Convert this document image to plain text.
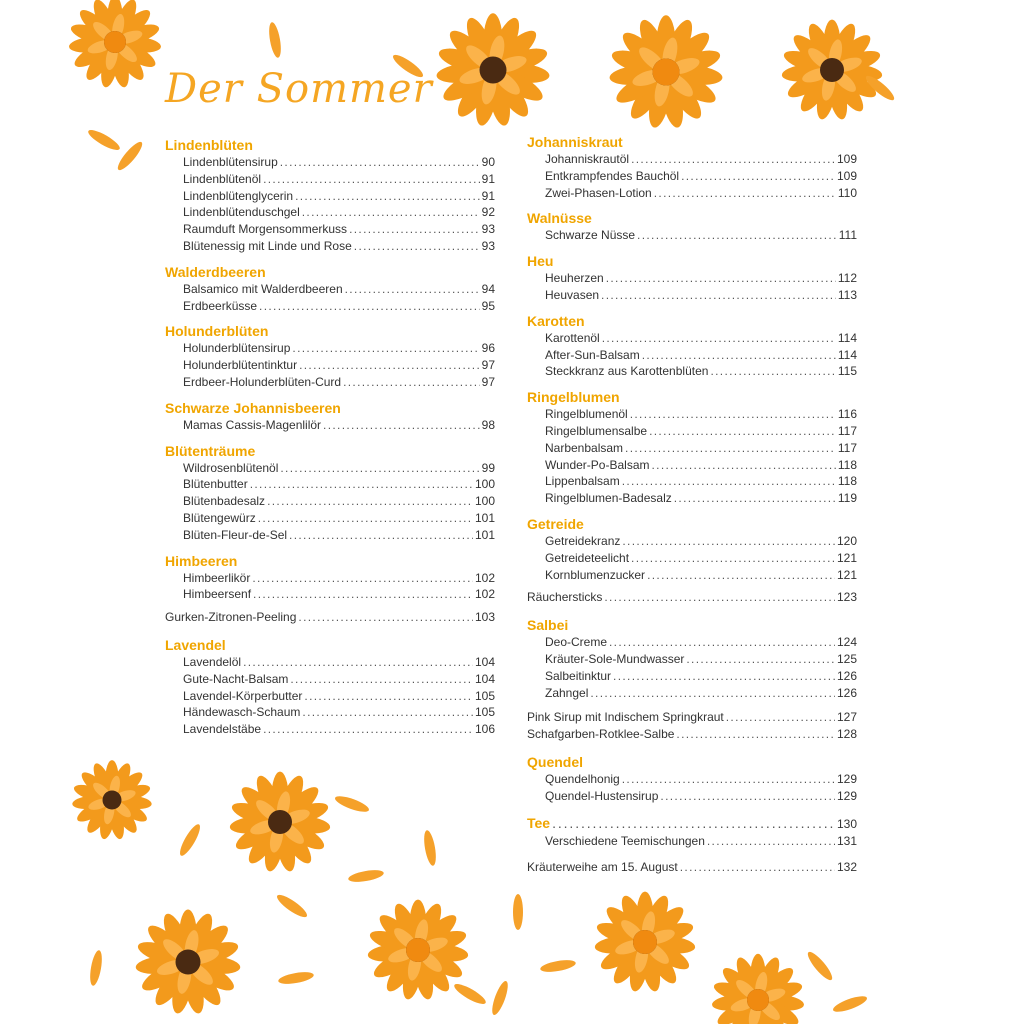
Der Sommer
Lindenblüten
Lindenblütensirup . . .	90
Lindenblütenöl . . .	91
Lindenblütenglycerin . . .	91
Lindenblütenduschgel . . .	92
Raumduft Morgensommerkuss . . .	93
Blütenessig mit Linde und Rose . . .	93
Walderdbeeren
Balsamico mit Walderdbeeren . . .	94
Erdbeerküsse . . .	95
Holunderblüten
Holunderblütensirup . . .	96
Holunderblütentinktur . . .	97
Erdbeer-Holunderblüten-Curd . . .	97
Schwarze Johannisbeeren
Mamas Cassis-Magenlilör . . .	98
Blütenträume
Wildrosenblütenöl . . .	99
Blütenbutter . . .	100
Blütenbadesalz . . .	100
Blütengewürz . . .	101
Blüten-Fleur-de-Sel . . .	101
Himbeeren
Himbeerlikör . . .	102
Himbeersenf . . .	102
Gurken-Zitronen-Peeling . . .	103
Lavendel
Lavendelöl . . .	104
Gute-Nacht-Balsam . . .	104
Lavendel-Körperbutter . . .	105
Händewasch-Schaum . . .	105
Lavendelstäbe . . .	106
Johanniskraut
Johanniskrautöl . . .	109
Entkrampfendes Bauchöl . . .	109
Zwei-Phasen-Lotion . . .	110
Walnüsse
Schwarze Nüsse . . .	111
Heu
Heuherzen . . .	112
Heuvasen . . .	113
Karotten
Karottenöl . . .	114
After-Sun-Balsam . . .	114
Steckkranz aus Karottenblüten . . .	115
Ringelblumen
Ringelblumenöl . . .	116
Ringelblumensalbe . . .	117
Narbenbalsam . . .	117
Wunder-Po-Balsam . . .	118
Lippenbalsam . . .	118
Ringelblumen-Badesalz . . .	119
Getreide
Getreidekranz . . .	120
Getreideteelicht . . .	121
Kornblumenzucker . . .	121
Räuchersticks . . .	123
Salbei
Deo-Creme . . .	124
Kräuter-Sole-Mundwasser . . .	125
Salbeitinktur . . .	126
Zahngel . . .	126
Pink Sirup mit Indischem Springkraut . . .	127
Schafgarben-Rotklee-Salbe . . .	128
Quendel
Quendelhonig . . .	129
Quendel-Hustensirup . . .	129
Tee . . .	130
Verschiedene Teemischungen . . .	131
Kräuterweihe am 15. August . . .	132
